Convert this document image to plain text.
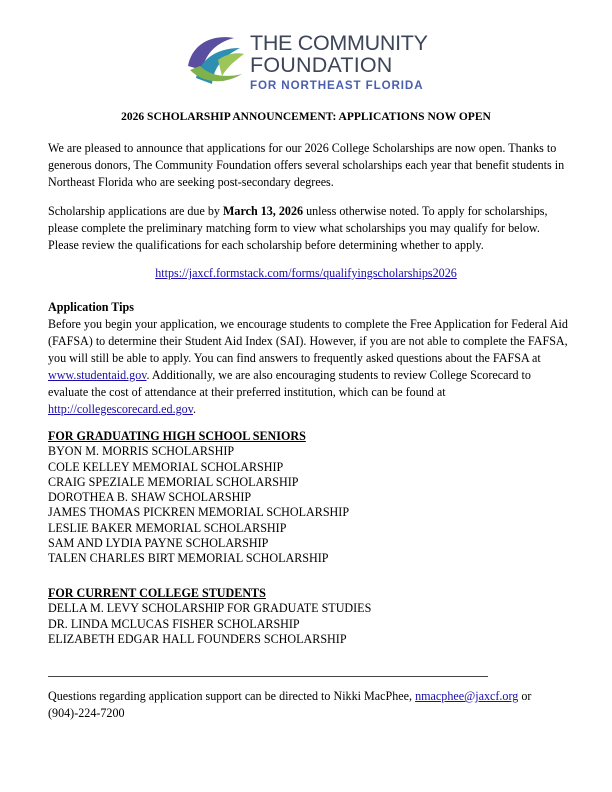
THE COMMUNITY
FOUNDATION
FOR NORTHEAST FLORIDA
2026 SCHOLARSHIP ANNOUNCEMENT: APPLICATIONS NOW OPEN
We are pleased to announce that applications for our 2026 College Scholarships are now open. Thanks to generous donors, The Community Foundation offers several scholarships each year that benefit students in Northeast Florida who are seeking post-secondary degrees.
Scholarship applications are due by March 13, 2026 unless otherwise noted. To apply for scholarships, please complete the preliminary matching form to view what scholarships you may qualify for below. Please review the qualifications for each scholarship before determining whether to apply.
https://jaxcf.formstack.com/forms/qualifyingscholarships2026
Application Tips
Before you begin your application, we encourage students to complete the Free Application for Federal Aid (FAFSA) to determine their Student Aid Index (SAI). However, if you are not able to complete the FAFSA, you will still be able to apply. You can find answers to frequently asked questions about the FAFSA at www.studentaid.gov. Additionally, we are also encouraging students to review College Scorecard to evaluate the cost of attendance at their preferred institution, which can be found at http://collegescorecard.ed.gov.
FOR GRADUATING HIGH SCHOOL SENIORS
BYON M. MORRIS SCHOLARSHIP
COLE KELLEY MEMORIAL SCHOLARSHIP
CRAIG SPEZIALE MEMORIAL SCHOLARSHIP
DOROTHEA B. SHAW SCHOLARSHIP
JAMES THOMAS PICKREN MEMORIAL SCHOLARSHIP
LESLIE BAKER MEMORIAL SCHOLARSHIP
SAM AND LYDIA PAYNE SCHOLARSHIP
TALEN CHARLES BIRT MEMORIAL SCHOLARSHIP
FOR CURRENT COLLEGE STUDENTS
DELLA M. LEVY SCHOLARSHIP FOR GRADUATE STUDIES
DR. LINDA MCLUCAS FISHER SCHOLARSHIP
ELIZABETH EDGAR HALL FOUNDERS SCHOLARSHIP
Questions regarding application support can be directed to Nikki MacPhee, nmacphee@jaxcf.org or (904)-224-7200
